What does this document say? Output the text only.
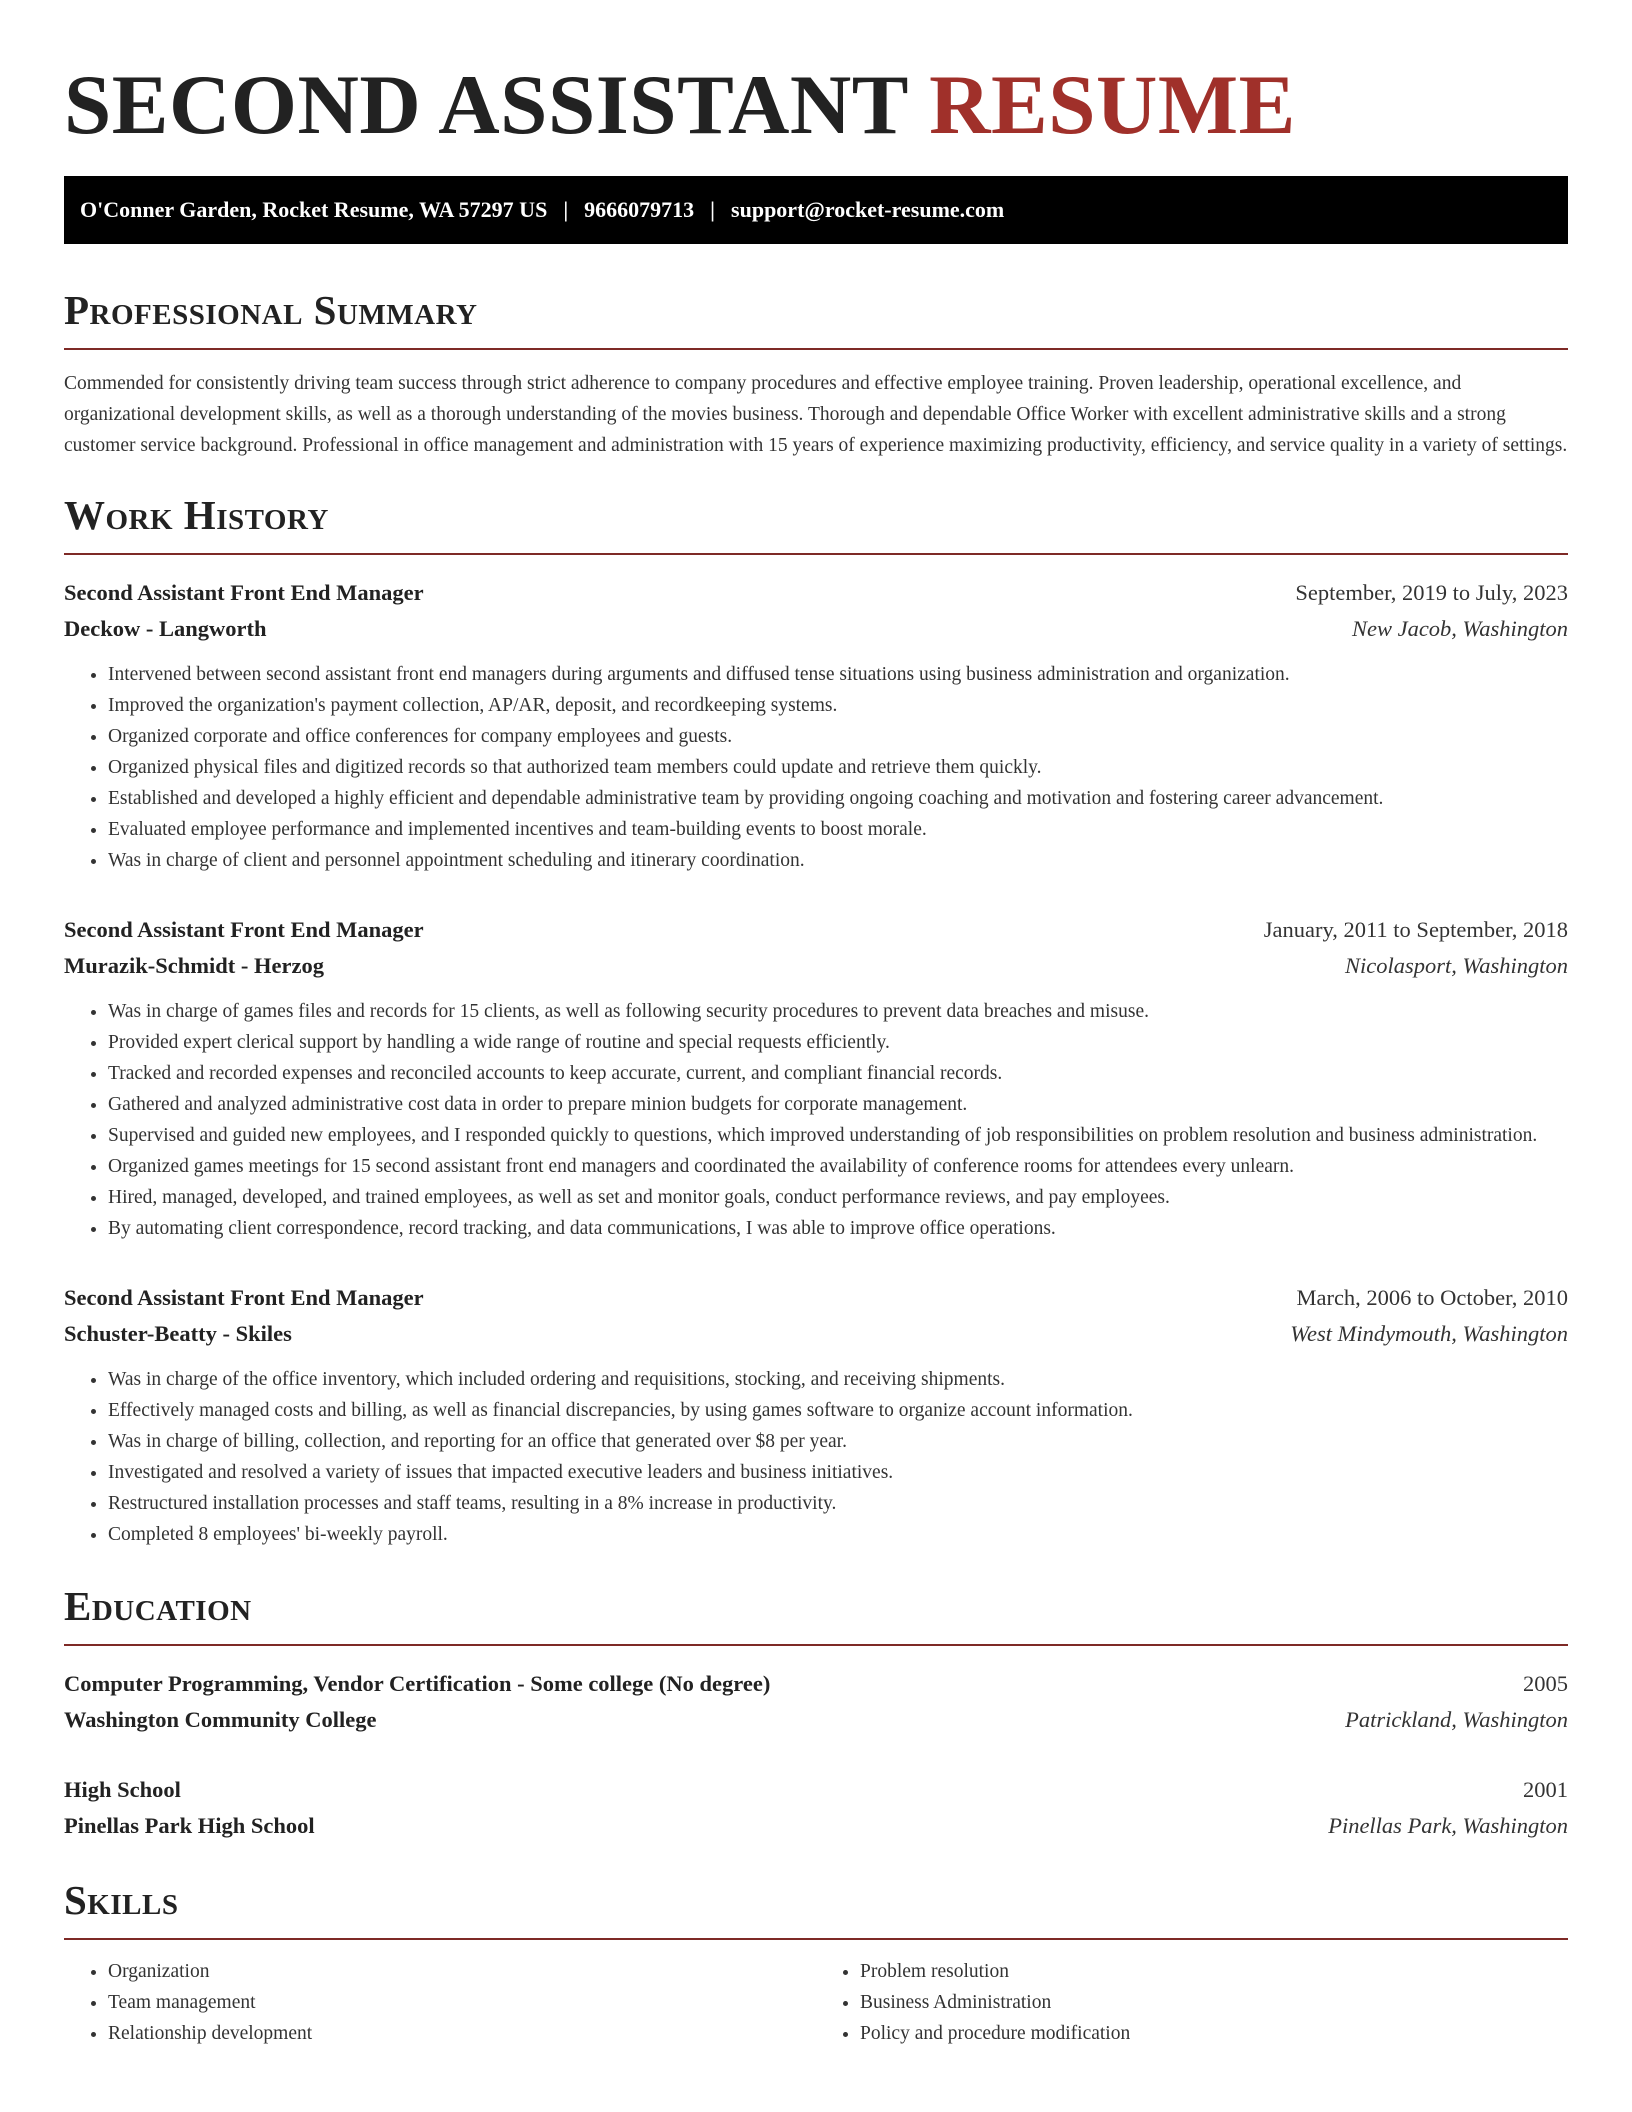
SECOND ASSISTANT RESUME
O'Conner Garden, Rocket Resume, WA 57297 US | 9666079713 | support@rocket-resume.com
Professional Summary

Commended for consistently driving team success through strict adherence to company procedures and effective employee training. Proven leadership, operational excellence, and organizational development skills, as well as a thorough understanding of the movies business. Thorough and dependable Office Worker with excellent administrative skills and a strong customer service background. Professional in office management and administration with 15 years of experience maximizing productivity, efficiency, and service quality in a variety of settings.

Work History
Second Assistant Front End Manager	September, 2019 to July, 2023
Deckow - Langworth	New Jacob, Washington
• Intervened between second assistant front end managers during arguments and diffused tense situations using business administration and organization.
• Improved the organization's payment collection, AP/AR, deposit, and recordkeeping systems.
• Organized corporate and office conferences for company employees and guests.
• Organized physical files and digitized records so that authorized team members could update and retrieve them quickly.
• Established and developed a highly efficient and dependable administrative team by providing ongoing coaching and motivation and fostering career advancement.
• Evaluated employee performance and implemented incentives and team-building events to boost morale.
• Was in charge of client and personnel appointment scheduling and itinerary coordination.
Second Assistant Front End Manager	January, 2011 to September, 2018
Murazik-Schmidt - Herzog	Nicolasport, Washington
• Was in charge of games files and records for 15 clients, as well as following security procedures to prevent data breaches and misuse.
• Provided expert clerical support by handling a wide range of routine and special requests efficiently.
• Tracked and recorded expenses and reconciled accounts to keep accurate, current, and compliant financial records.
• Gathered and analyzed administrative cost data in order to prepare minion budgets for corporate management.
• Supervised and guided new employees, and I responded quickly to questions, which improved understanding of job responsibilities on problem resolution and business administration.
• Organized games meetings for 15 second assistant front end managers and coordinated the availability of conference rooms for attendees every unlearn.
• Hired, managed, developed, and trained employees, as well as set and monitor goals, conduct performance reviews, and pay employees.
• By automating client correspondence, record tracking, and data communications, I was able to improve office operations.
Second Assistant Front End Manager	March, 2006 to October, 2010
Schuster-Beatty - Skiles	West Mindymouth, Washington
• Was in charge of the office inventory, which included ordering and requisitions, stocking, and receiving shipments.
• Effectively managed costs and billing, as well as financial discrepancies, by using games software to organize account information.
• Was in charge of billing, collection, and reporting for an office that generated over $8 per year.
• Investigated and resolved a variety of issues that impacted executive leaders and business initiatives.
• Restructured installation processes and staff teams, resulting in a 8% increase in productivity.
• Completed 8 employees' bi-weekly payroll.
Education
Computer Programming, Vendor Certification - Some college (No degree)	2005
Washington Community College	Patrickland, Washington
High School	2001
Pinellas Park High School	Pinellas Park, Washington
Skills
• Organization
• Team management
• Relationship development
• Problem resolution
• Business Administration
• Policy and procedure modification
